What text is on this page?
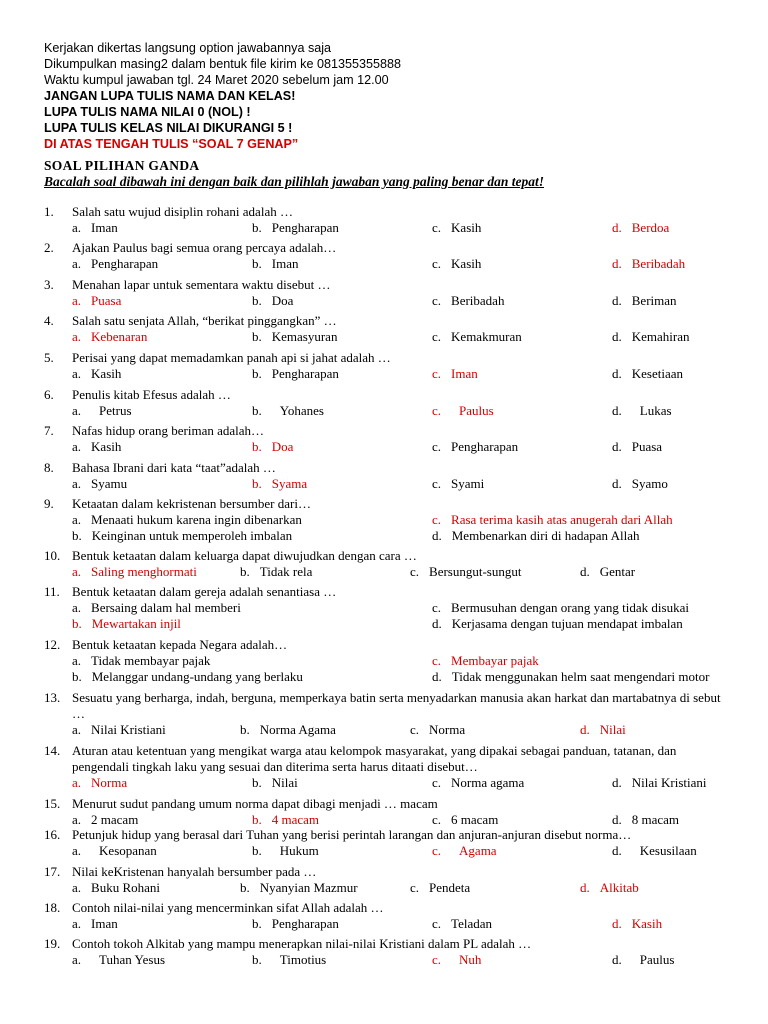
Kerjakan dikertas langsung option jawabannya saja
Dikumpulkan masing2 dalam bentuk file kirim ke 081355355888
Waktu kumpul jawaban tgl. 24 Maret 2020 sebelum jam 12.00
JANGAN LUPA TULIS NAMA DAN KELAS!
LUPA TULIS NAMA NILAI 0 (NOL) !
LUPA TULIS KELAS NILAI DIKURANGI 5 !
DI ATAS TENGAH TULIS “SOAL 7 GENAP”
SOAL PILIHAN GANDA
Bacalah soal dibawah ini dengan baik dan pilihlah jawaban yang paling benar dan tepat!
1. Salah satu wujud disiplin rohani adalah …
a. Iman	b. Pengharapan	c. Kasih	d. Berdoa
2. Ajakan Paulus bagi semua orang percaya adalah…
a. Pengharapan	b. Iman	c. Kasih	d. Beribadah
3. Menahan lapar untuk sementara waktu disebut …
a. Puasa	b. Doa	c. Beribadah	d. Beriman
4. Salah satu senjata Allah, “berikat pinggangkan” …
a. Kebenaran	b. Kemasyuran	c. Kemakmuran	d. Kemahiran
5. Perisai yang dapat memadamkan panah api si jahat adalah …
a. Kasih	b. Pengharapan	c. Iman	d. Kesetiaan
6. Penulis kitab Efesus adalah …
a. Petrus	b. Yohanes	c. Paulus	d. Lukas
7. Nafas hidup orang beriman adalah…
a. Kasih	b. Doa	c. Pengharapan	d. Puasa
8. Bahasa Ibrani dari kata “taat”adalah …
a. Syamu	b. Syama	c. Syami	d. Syamo
9. Ketaatan dalam kekristenan bersumber dari…
a. Menaati hukum karena ingin dibenarkan	c. Rasa terima kasih atas anugerah dari Allah
b. Keinginan untuk memperoleh imbalan	d. Membenarkan diri di hadapan Allah
10. Bentuk ketaatan dalam keluarga dapat diwujudkan dengan cara …
a. Saling menghormati	b. Tidak rela	c. Bersungut-sungut	d. Gentar
11. Bentuk ketaatan dalam gereja adalah senantiasa …
a. Bersaing dalam hal memberi	c. Bermusuhan dengan orang yang tidak disukai
b. Mewartakan injil	d. Kerjasama dengan tujuan mendapat imbalan
12. Bentuk ketaatan kepada Negara adalah…
a. Tidak membayar pajak	c. Membayar pajak
b. Melanggar undang-undang yang berlaku	d. Tidak menggunakan helm saat mengendari motor
13. Sesuatu yang berharga, indah, berguna, memperkaya batin serta menyadarkan manusia akan harkat dan martabatnya di sebut …
a. Nilai Kristiani	b. Norma Agama	c. Norma	d. Nilai
14. Aturan atau ketentuan yang mengikat warga atau kelompok masyarakat, yang dipakai sebagai panduan, tatanan, dan pengendali tingkah laku yang sesuai dan diterima serta harus ditaati disebut…
a. Norma	b. Nilai	c. Norma agama	d. Nilai Kristiani
15. Menurut sudut pandang umum norma dapat dibagi menjadi … macam
a. 2 macam	b. 4 macam	c. 6 macam	d. 8 macam
16. Petunjuk hidup yang berasal dari Tuhan yang berisi perintah larangan dan anjuran-anjuran disebut norma…
a. Kesopanan	b. Hukum	c. Agama	d. Kesusilaan
17. Nilai keKristenan hanyalah bersumber pada …
a. Buku Rohani	b. Nyanyian Mazmur	c. Pendeta	d. Alkitab
18. Contoh nilai-nilai yang mencerminkan sifat Allah adalah …
a. Iman	b. Pengharapan	c. Teladan	d. Kasih
19. Contoh tokoh Alkitab yang mampu menerapkan nilai-nilai Kristiani dalam PL adalah …
a. Tuhan Yesus	b. Timotius	c. Nuh	d. Paulus
